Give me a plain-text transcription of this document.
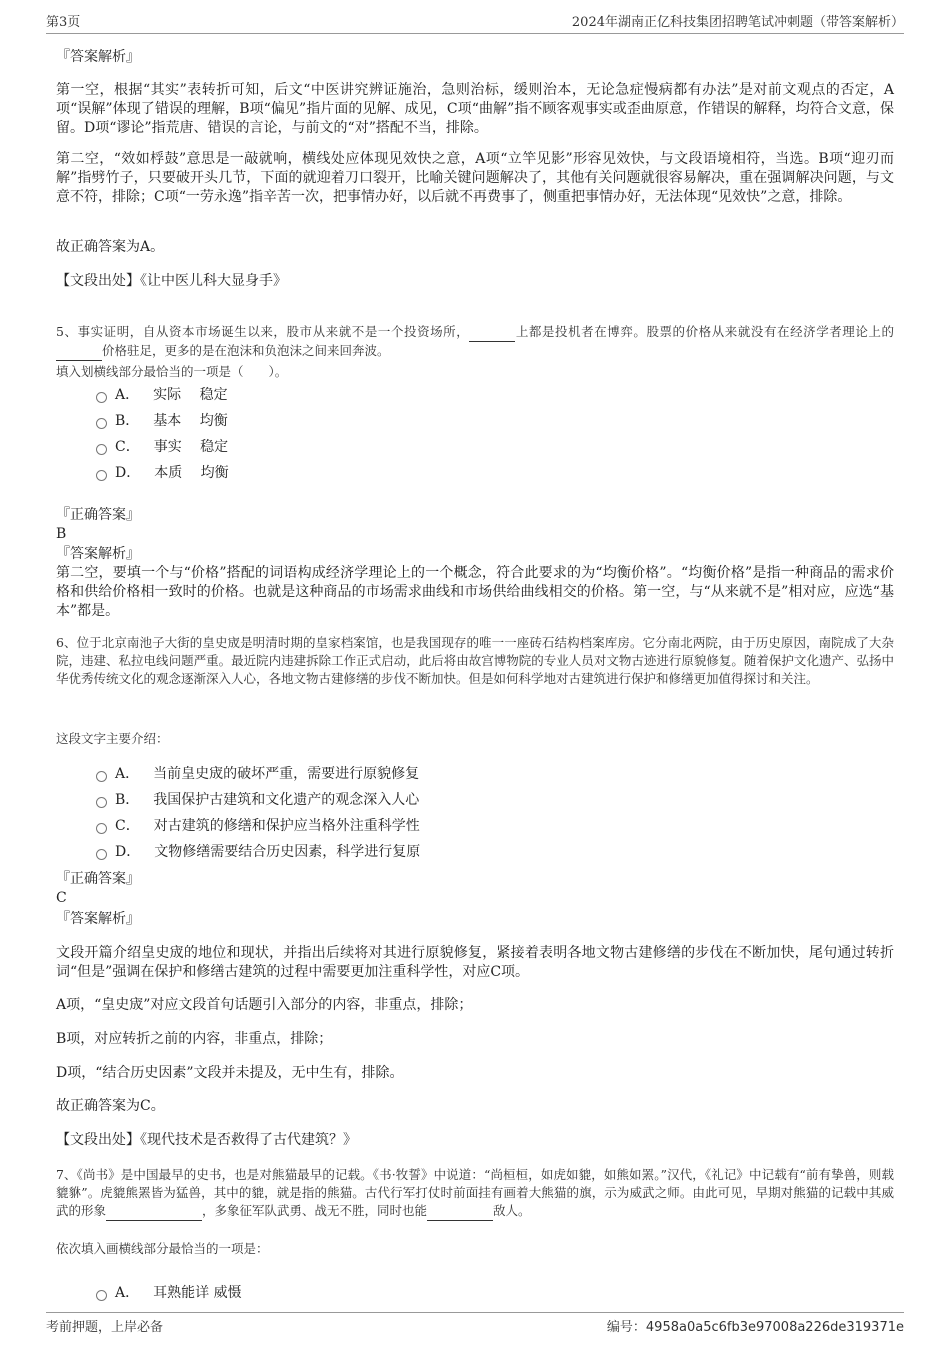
第3页	2024年湖南正亿科技集团招聘笔试冲刺题（带答案解析）
『答案解析』
第一空，根据“其实”表转折可知，后文“中医讲究辨证施治，急则治标，缓则治本，无论急症慢病都有办法”是对前文观点的否定，A项“误解”体现了错误的理解，B项“偏见”指片面的见解、成见，C项“曲解”指不顾客观事实或歪曲原意，作错误的解释，均符合文意，保留。D项“谬论”指荒唐、错误的言论，与前文的“对”搭配不当，排除。
第二空，“效如桴鼓”意思是一敲就响，横线处应体现见效快之意，A项“立竿见影”形容见效快，与文段语境相符，当选。B项“迎刃而解”指劈竹子，只要破开头几节，下面的就迎着刀口裂开，比喻关键问题解决了，其他有关问题就很容易解决，重在强调解决问题，与文意不符，排除；C项“一劳永逸”指辛苦一次，把事情办好，以后就不再费事了，侧重把事情办好，无法体现“见效快”之意，排除。
故正确答案为A。
【文段出处】《让中医儿科大显身手》
5、事实证明，自从资本市场诞生以来，股市从来就不是一个投资场所，	上都是投机者在博弈。股票的价格从来就没有在经济学者理论上的 价格驻足，更多的是在泡沫和负泡沫之间来回奔波。
填入划横线部分最恰当的一项是（　　）。
A． 实际　 稳定
B． 基本　 均衡
C． 事实　 稳定
D． 本质　 均衡
『正确答案』
B
『答案解析』
第二空，要填一个与“价格”搭配的词语构成经济学理论上的一个概念，符合此要求的为“均衡价格”。“均衡价格”是指一种商品的需求价格和供给价格相一致时的价格。也就是这种商品的市场需求曲线和市场供给曲线相交的价格。第一空，与“从来就不是”相对应，应选“基本”都是。
6、位于北京南池子大街的皇史宬是明清时期的皇家档案馆，也是我国现存的唯一一座砖石结构档案库房。它分南北两院，由于历史原因，南院成了大杂院，违建、私拉电线问题严重。最近院内违建拆除工作正式启动，此后将由故宫博物院的专业人员对文物古迹进行原貌修复。随着保护文化遗产、弘扬中华优秀传统文化的观念逐渐深入人心，各地文物古建修缮的步伐不断加快。但是如何科学地对古建筑进行保护和修缮更加值得探讨和关注。
这段文字主要介绍：
A． 当前皇史宬的破坏严重，需要进行原貌修复
B． 我国保护古建筑和文化遗产的观念深入人心
C． 对古建筑的修缮和保护应当格外注重科学性
D． 文物修缮需要结合历史因素，科学进行复原
『正确答案』
C
『答案解析』
文段开篇介绍皇史宬的地位和现状，并指出后续将对其进行原貌修复，紧接着表明各地文物古建修缮的步伐在不断加快，尾句通过转折词“但是”强调在保护和修缮古建筑的过程中需要更加注重科学性，对应C项。
A项，“皇史宬”对应文段首句话题引入部分的内容，非重点，排除；
B项，对应转折之前的内容，非重点，排除；
D项，“结合历史因素”文段并未提及，无中生有，排除。
故正确答案为C。
【文段出处】《现代技术是否救得了古代建筑？》
7、《尚书》是中国最早的史书，也是对熊猫最早的记载。《书·牧誓》中说道：“尚桓桓，如虎如貔，如熊如罴。”汉代，《礼记》中记载有“前有挚兽，则载貔貅”。虎貔熊罴皆为猛兽，其中的貔，就是指的熊猫。古代行军打仗时前面挂有画着大熊猫的旗，示为威武之师。由此可见，早期对熊猫的记载中其威武的形象	，多象征军队武勇、战无不胜，同时也能	敌人。
依次填入画横线部分最恰当的一项是：
A． 耳熟能详 威慑
考前押题，上岸必备	编号：4958a0a5c6fb3e97008a226de319371e
